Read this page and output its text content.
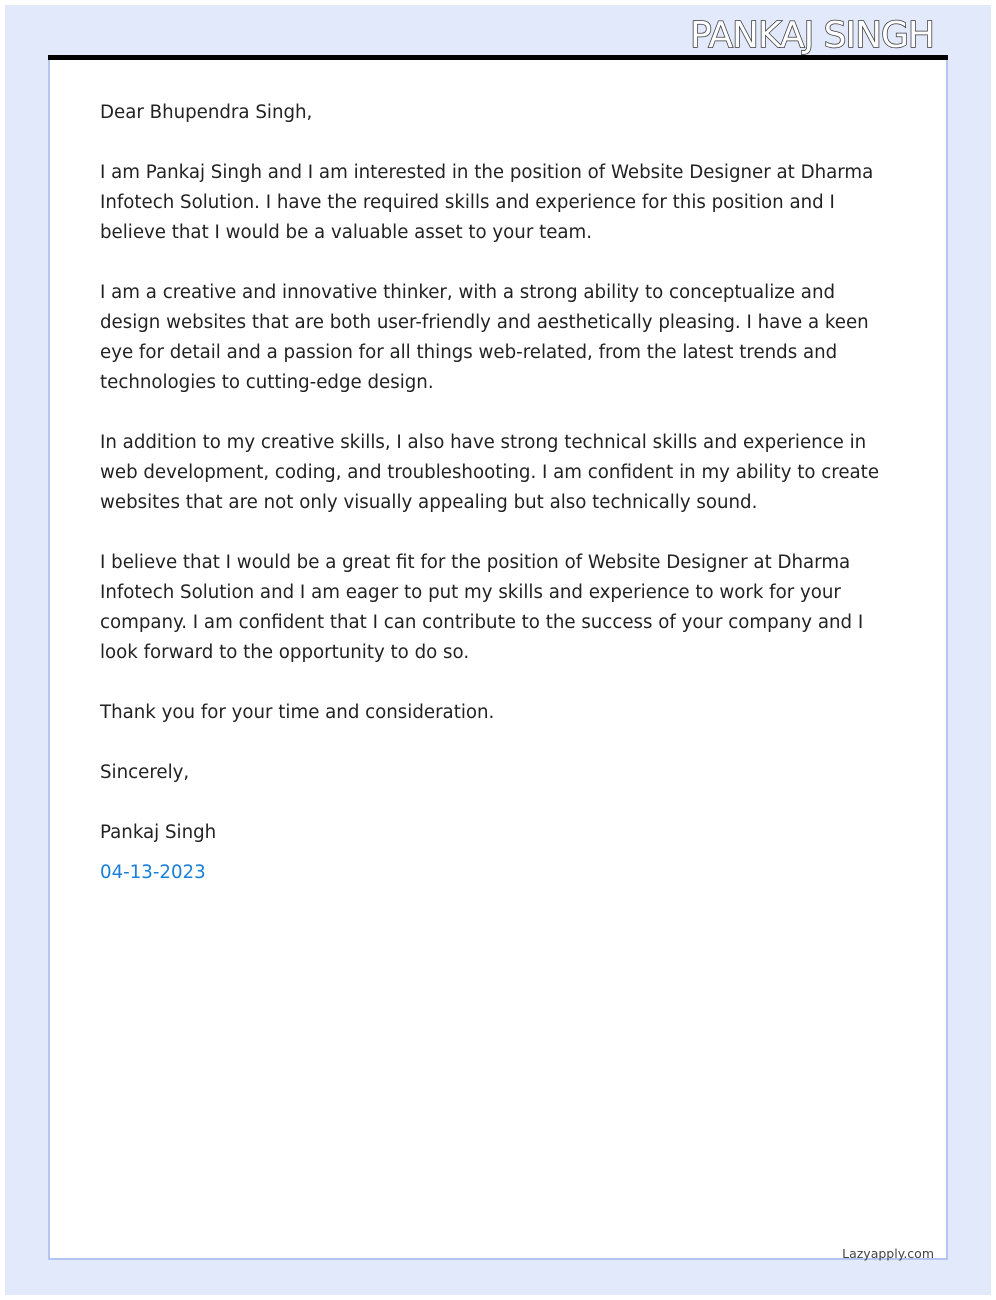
PANKAJ SINGH

Dear Bhupendra Singh,

I am Pankaj Singh and I am interested in the position of Website Designer at Dharma Infotech Solution. I have the required skills and experience for this position and I believe that I would be a valuable asset to your team.

I am a creative and innovative thinker, with a strong ability to conceptualize and design websites that are both user-friendly and aesthetically pleasing. I have a keen eye for detail and a passion for all things web-related, from the latest trends and technologies to cutting-edge design.

In addition to my creative skills, I also have strong technical skills and experience in web development, coding, and troubleshooting. I am confident in my ability to create websites that are not only visually appealing but also technically sound.

I believe that I would be a great fit for the position of Website Designer at Dharma Infotech Solution and I am eager to put my skills and experience to work for your company. I am confident that I can contribute to the success of your company and I look forward to the opportunity to do so.

Thank you for your time and consideration.

Sincerely,

Pankaj Singh

04-13-2023

Lazyapply.com
